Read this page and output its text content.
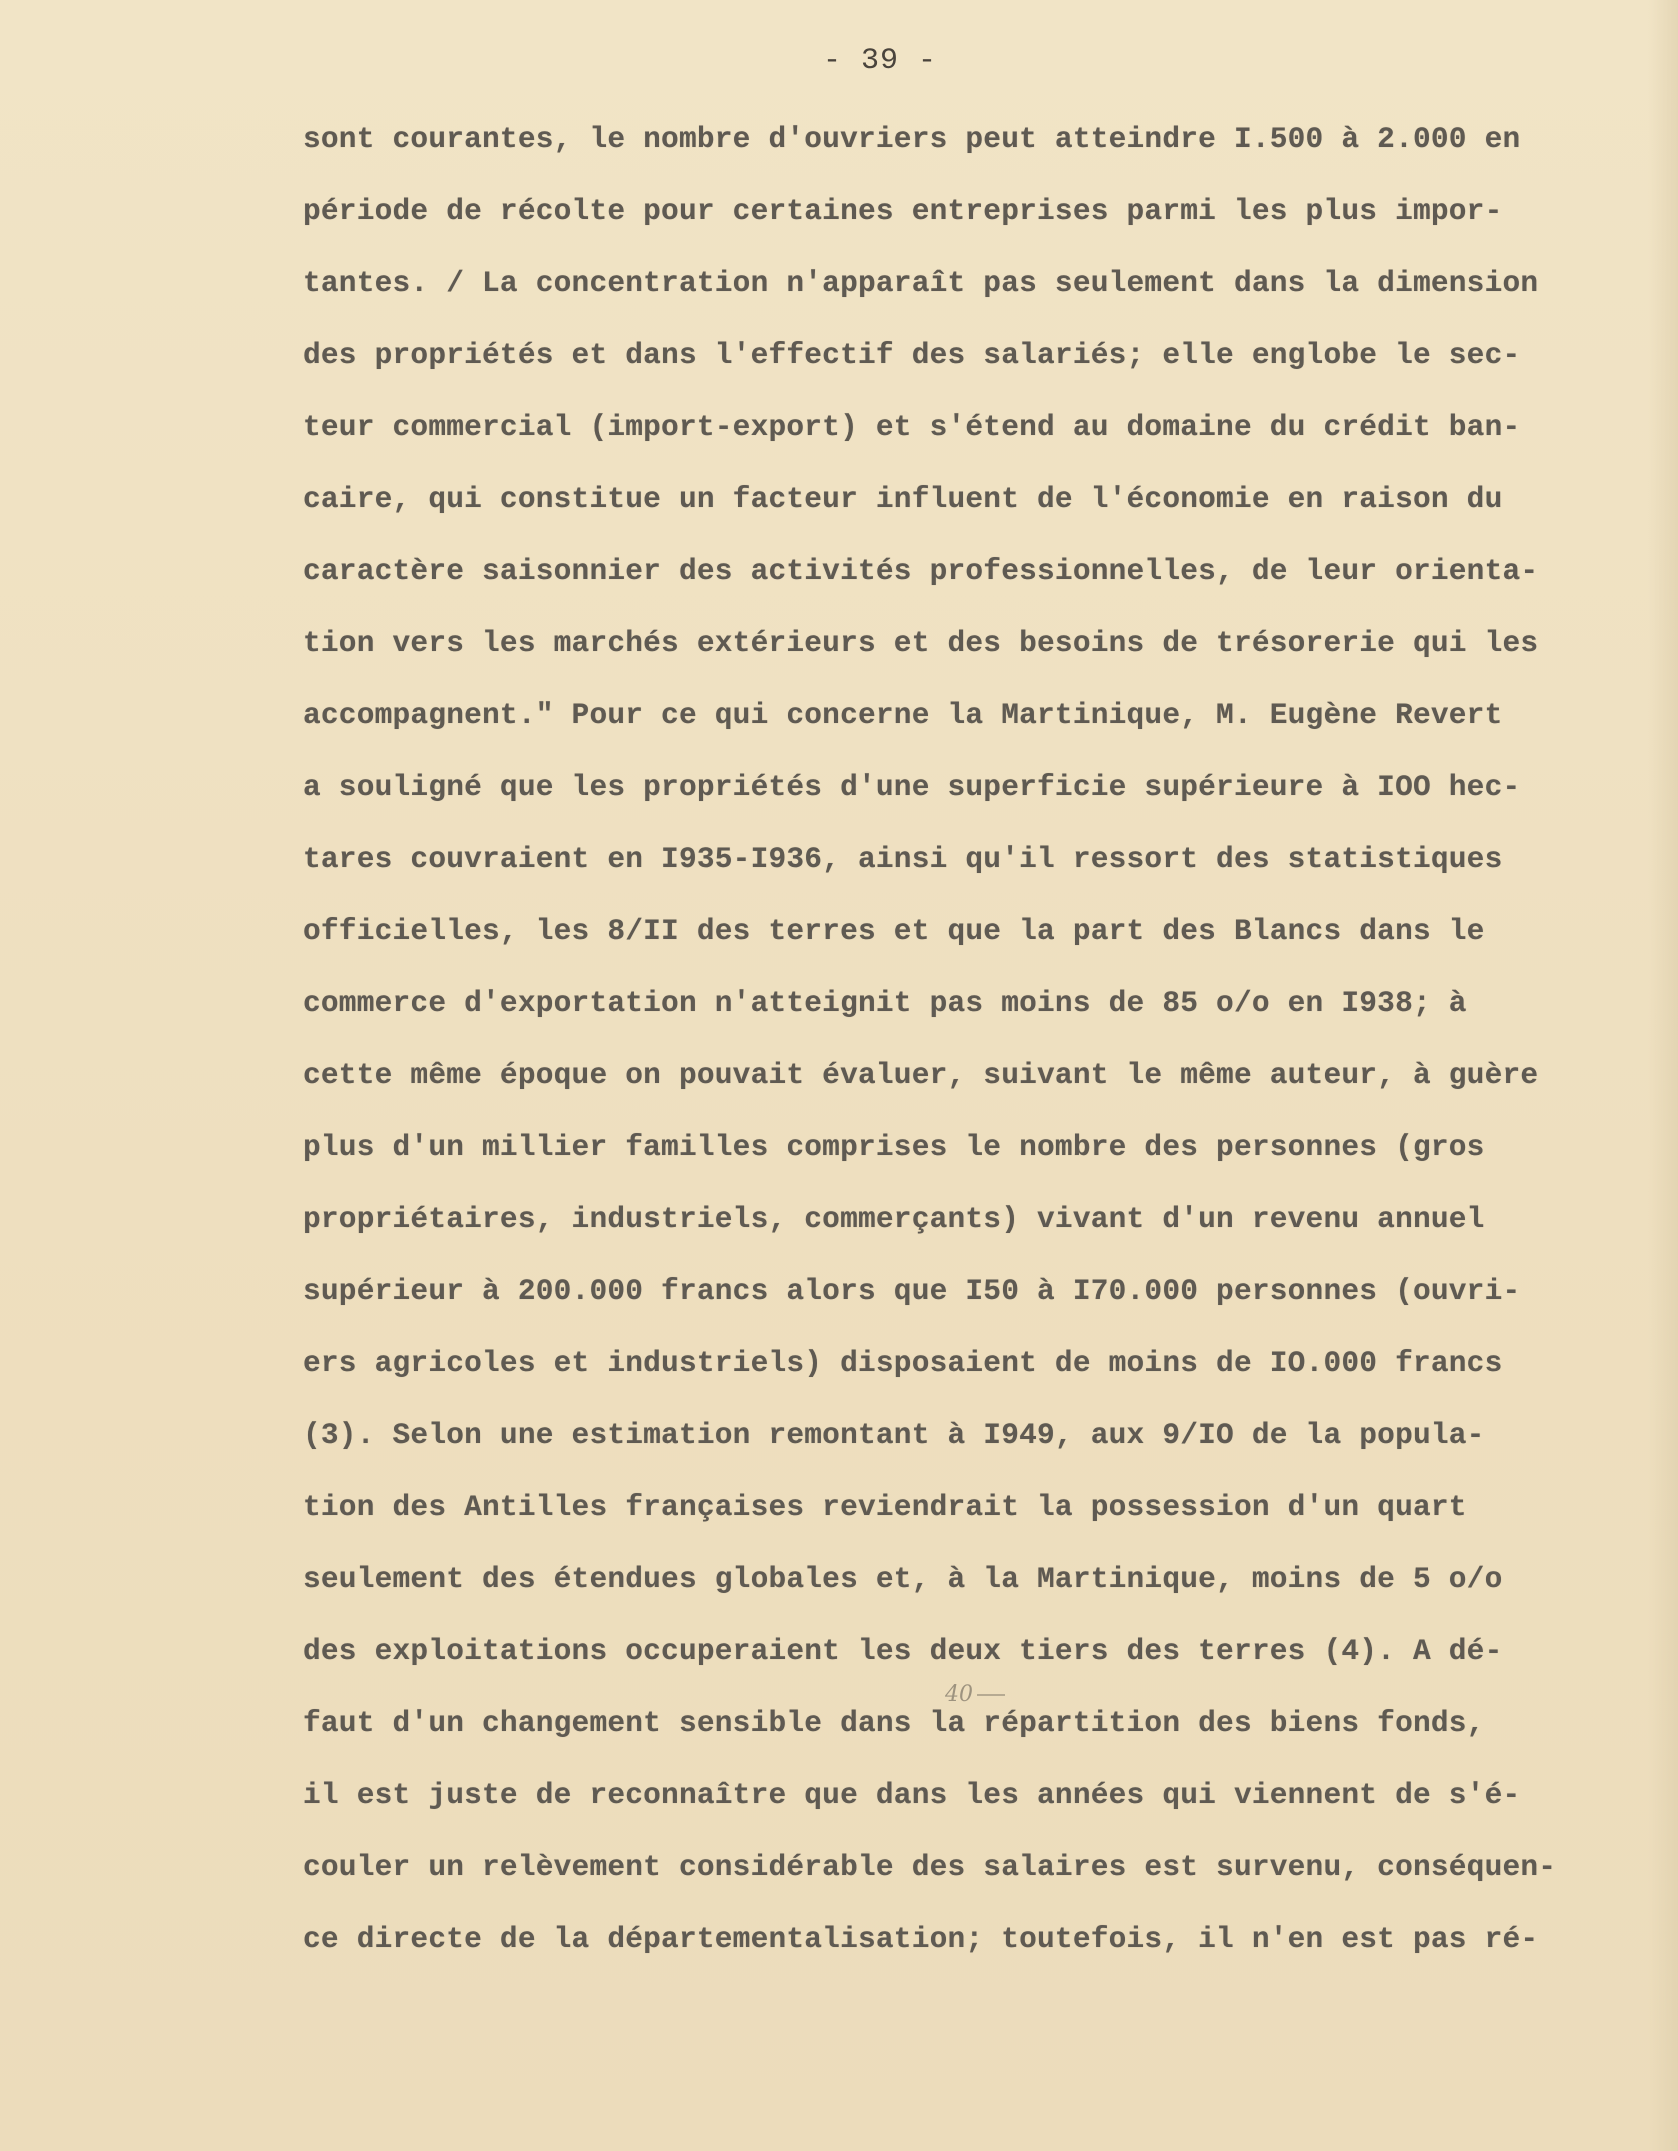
- 39 -
sont courantes, le nombre d'ouvriers peut atteindre I.500 à 2.000 en
période de récolte pour certaines entreprises parmi les plus impor-
tantes. / La concentration n'apparaît pas seulement dans la dimension
des propriétés et dans l'effectif des salariés; elle englobe le sec-
teur commercial (import-export) et s'étend au domaine du crédit ban-
caire, qui constitue un facteur influent de l'économie en raison du
caractère saisonnier des activités professionnelles, de leur orienta-
tion vers les marchés extérieurs et des besoins de trésorerie qui les
accompagnent." Pour ce qui concerne la Martinique, M. Eugène Revert
a souligné que les propriétés d'une superficie supérieure à IOO hec-
tares couvraient en I935-I936, ainsi qu'il ressort des statistiques
officielles, les 8/II des terres et que la part des Blancs dans le
commerce d'exportation n'atteignit pas moins de 85 o/o en I938; à
cette même époque on pouvait évaluer, suivant le même auteur, à guère
plus d'un millier familles comprises le nombre des personnes (gros
propriétaires, industriels, commerçants) vivant d'un revenu annuel
supérieur à 200.000 francs alors que I50 à I70.000 personnes (ouvri-
ers agricoles et industriels) disposaient de moins de IO.000 francs
(3). Selon une estimation remontant à I949, aux 9/IO de la popula-
tion des Antilles françaises reviendrait la possession d'un quart
seulement des étendues globales et, à la Martinique, moins de 5 o/o
des exploitations occuperaient les deux tiers des terres (4). A dé-
faut d'un changement sensible dans la répartition des biens fonds,
il est juste de reconnaître que dans les années qui viennent de s'é-
couler un relèvement considérable des salaires est survenu, conséquen-
ce directe de la départementalisation; toutefois, il n'en est pas ré-
40
